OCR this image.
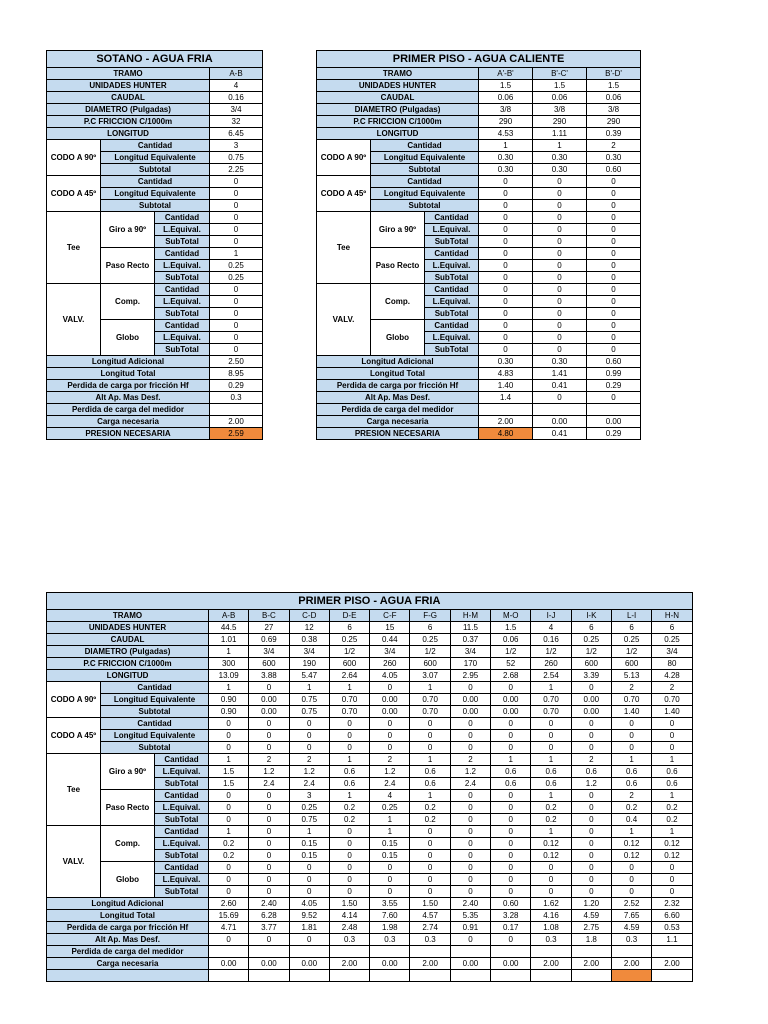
SOTANO - AGUA FRIA			
TRAMO			A-B
UNIDADES HUNTER			4
CAUDAL			0.16
DIAMETRO (Pulgadas)			3/4
P.C FRICCION C/1000m			32
LONGITUD			6.45
CODO A 90º	Cantidad		3
	Longitud Equivalente		0.75
	Subtotal		2.25
CODO A 45º	Cantidad		0
	Longitud Equivalente		0
	Subtotal		0
Tee	Giro a 90º	Cantidad	0
		L.Equival.	0
		SubTotal	0
	Paso Recto	Cantidad	1
		L.Equival.	0.25
		SubTotal	0.25
VALV.	Comp.	Cantidad	0
		L.Equival.	0
		SubTotal	0
	Globo	Cantidad	0
		L.Equival.	0
		SubTotal	0
Longitud Adicional			2.50
Longitud Total			8.95
Perdida de carga por fricción Hf			0.29
Alt Ap. Mas Desf.			0.3
Perdida de carga del medidor			
Carga necesaria			2.00
PRESION NECESARIA			2.59
PRIMER PISO - AGUA CALIENTE					
TRAMO			A'-B'	B'-C'	B'-D'
UNIDADES HUNTER			1.5	1.5	1.5
CAUDAL			0.06	0.06	0.06
DIAMETRO (Pulgadas)			3/8	3/8	3/8
P.C FRICCION C/1000m			290	290	290
LONGITUD			4.53	1.11	0.39
CODO A 90º	Cantidad		1	1	2
	Longitud Equivalente		0.30	0.30	0.30
	Subtotal		0.30	0.30	0.60
CODO A 45º	Cantidad		0	0	0
	Longitud Equivalente		0	0	0
	Subtotal		0	0	0
Tee	Giro a 90º	Cantidad	0	0	0
		L.Equival.	0	0	0
		SubTotal	0	0	0
	Paso Recto	Cantidad	0	0	0
		L.Equival.	0	0	0
		SubTotal	0	0	0
VALV.	Comp.	Cantidad	0	0	0
		L.Equival.	0	0	0
		SubTotal	0	0	0
	Globo	Cantidad	0	0	0
		L.Equival.	0	0	0
		SubTotal	0	0	0
Longitud Adicional			0.30	0.30	0.60
Longitud Total			4.83	1.41	0.99
Perdida de carga por fricción Hf			1.40	0.41	0.29
Alt Ap. Mas Desf.			1.4	0	0
Perdida de carga del medidor					
Carga necesaria			2.00	0.00	0.00
PRESION NECESARIA			4.80	0.41	0.29
PRIMER PISO - AGUA FRIA														
TRAMO			A-B	B-C	C-D	D-E	C-F	F-G	H-M	M-O	I-J	I-K	L-I	H-N
UNIDADES HUNTER			44.5	27	12	6	15	6	11.5	1.5	4	6	6	6
CAUDAL			1.01	0.69	0.38	0.25	0.44	0.25	0.37	0.06	0.16	0.25	0.25	0.25
DIAMETRO (Pulgadas)			1	3/4	3/4	1/2	3/4	1/2	3/4	1/2	1/2	1/2	1/2	3/4
P.C FRICCION C/1000m			300	600	190	600	260	600	170	52	260	600	600	80
LONGITUD			13.09	3.88	5.47	2.64	4.05	3.07	2.95	2.68	2.54	3.39	5.13	4.28
CODO A 90º	Cantidad		1	0	1	1	0	1	0	0	1	0	2	2
	Longitud Equivalente		0.90	0.00	0.75	0.70	0.00	0.70	0.00	0.00	0.70	0.00	0.70	0.70
	Subtotal		0.90	0.00	0.75	0.70	0.00	0.70	0.00	0.00	0.70	0.00	1.40	1.40
CODO A 45º	Cantidad		0	0	0	0	0	0	0	0	0	0	0	0
	Longitud Equivalente		0	0	0	0	0	0	0	0	0	0	0	0
	Subtotal		0	0	0	0	0	0	0	0	0	0	0	0
Tee	Giro a 90º	Cantidad	1	2	2	1	2	1	2	1	1	2	1	1
		L.Equival.	1.5	1.2	1.2	0.6	1.2	0.6	1.2	0.6	0.6	0.6	0.6	0.6
		SubTotal	1.5	2.4	2.4	0.6	2.4	0.6	2.4	0.6	0.6	1.2	0.6	0.6
	Paso Recto	Cantidad	0	0	3	1	4	1	0	0	1	0	2	1
		L.Equival.	0	0	0.25	0.2	0.25	0.2	0	0	0.2	0	0.2	0.2
		SubTotal	0	0	0.75	0.2	1	0.2	0	0	0.2	0	0.4	0.2
VALV.	Comp.	Cantidad	1	0	1	0	1	0	0	0	1	0	1	1
		L.Equival.	0.2	0	0.15	0	0.15	0	0	0	0.12	0	0.12	0.12
		SubTotal	0.2	0	0.15	0	0.15	0	0	0	0.12	0	0.12	0.12
	Globo	Cantidad	0	0	0	0	0	0	0	0	0	0	0	0
		L.Equival.	0	0	0	0	0	0	0	0	0	0	0	0
		SubTotal	0	0	0	0	0	0	0	0	0	0	0	0
Longitud Adicional			2.60	2.40	4.05	1.50	3.55	1.50	2.40	0.60	1.62	1.20	2.52	2.32
Longitud Total			15.69	6.28	9.52	4.14	7.60	4.57	5.35	3.28	4.16	4.59	7.65	6.60
Perdida de carga por fricción Hf			4.71	3.77	1.81	2.48	1.98	2.74	0.91	0.17	1.08	2.75	4.59	0.53
Alt Ap. Mas Desf.			0	0	0	0.3	0.3	0.3	0	0	0.3	1.8	0.3	1.1
Perdida de carga del medidor														
Carga necesaria			0.00	0.00	0.00	2.00	0.00	2.00	0.00	0.00	2.00	2.00	2.00	2.00
